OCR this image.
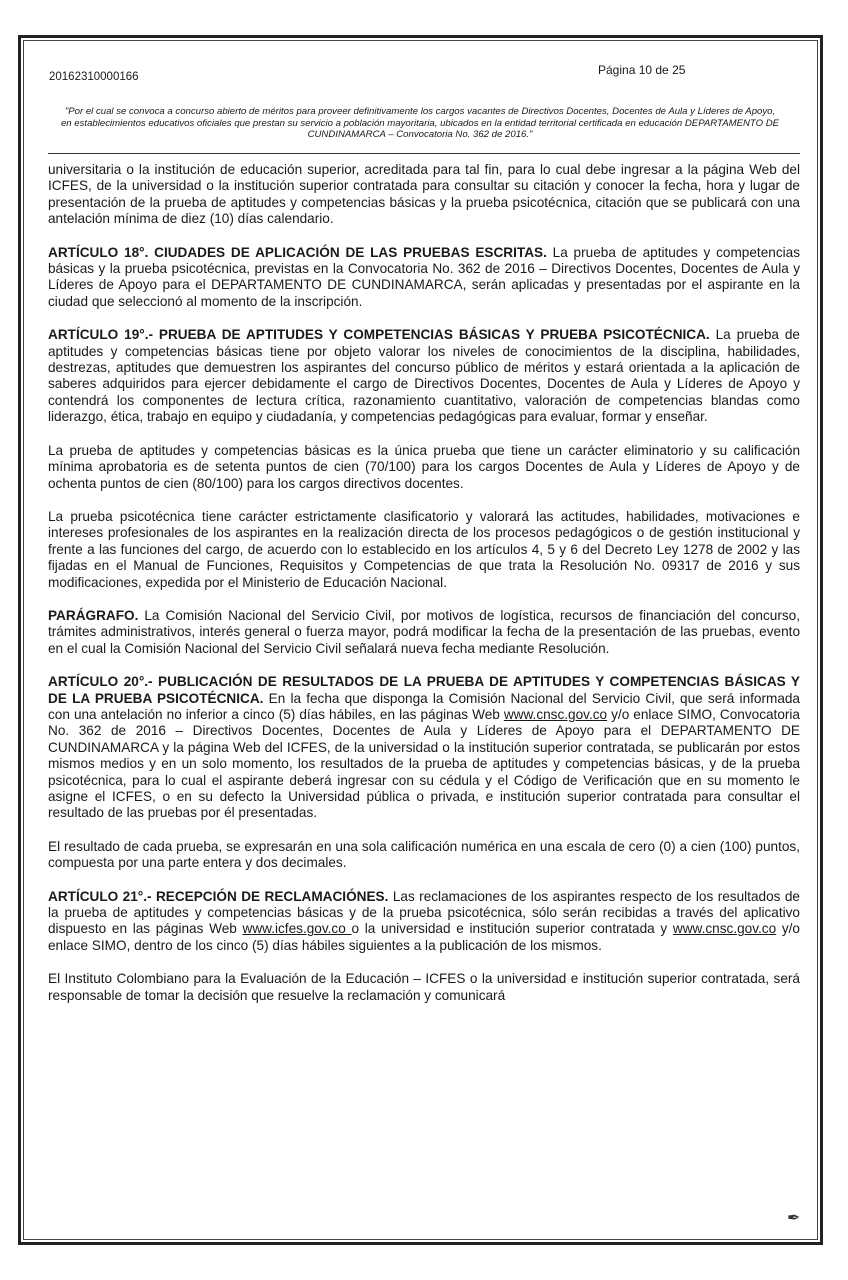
20162310000166	Página 10 de 25
"Por el cual se convoca a concurso abierto de méritos para proveer definitivamente los cargos vacantes de Directivos Docentes, Docentes de Aula y Líderes de Apoyo, en establecimientos educativos oficiales que prestan su servicio a población mayoritaria, ubicados en la entidad territorial certificada en educación DEPARTAMENTO DE CUNDINAMARCA – Convocatoria No. 362 de 2016."

universitaria o la institución de educación superior, acreditada para tal fin, para lo cual debe ingresar a la página Web del ICFES, de la universidad o la institución superior contratada para consultar su citación y conocer la fecha, hora y lugar de presentación de la prueba de aptitudes y competencias básicas y la prueba psicotécnica, citación que se publicará con una antelación mínima de diez (10) días calendario.

ARTÍCULO 18°. CIUDADES DE APLICACIÓN DE LAS PRUEBAS ESCRITAS. La prueba de aptitudes y competencias básicas y la prueba psicotécnica, previstas en la Convocatoria No. 362 de 2016 – Directivos Docentes, Docentes de Aula y Líderes de Apoyo para el DEPARTAMENTO DE CUNDINAMARCA, serán aplicadas y presentadas por el aspirante en la ciudad que seleccionó al momento de la inscripción.

ARTÍCULO 19°.- PRUEBA DE APTITUDES Y COMPETENCIAS BÁSICAS Y PRUEBA PSICOTÉCNICA. La prueba de aptitudes y competencias básicas tiene por objeto valorar los niveles de conocimientos de la disciplina, habilidades, destrezas, aptitudes que demuestren los aspirantes del concurso público de méritos y estará orientada a la aplicación de saberes adquiridos para ejercer debidamente el cargo de Directivos Docentes, Docentes de Aula y Líderes de Apoyo y contendrá los componentes de lectura crítica, razonamiento cuantitativo, valoración de competencias blandas como liderazgo, ética, trabajo en equipo y ciudadanía, y competencias pedagógicas para evaluar, formar y enseñar.

La prueba de aptitudes y competencias básicas es la única prueba que tiene un carácter eliminatorio y su calificación mínima aprobatoria es de setenta puntos de cien (70/100) para los cargos Docentes de Aula y Líderes de Apoyo y de ochenta puntos de cien (80/100) para los cargos directivos docentes.

La prueba psicotécnica tiene carácter estrictamente clasificatorio y valorará las actitudes, habilidades, motivaciones e intereses profesionales de los aspirantes en la realización directa de los procesos pedagógicos o de gestión institucional y frente a las funciones del cargo, de acuerdo con lo establecido en los artículos 4, 5 y 6 del Decreto Ley 1278 de 2002 y las fijadas en el Manual de Funciones, Requisitos y Competencias de que trata la Resolución No. 09317 de 2016 y sus modificaciones, expedida por el Ministerio de Educación Nacional.

PARÁGRAFO. La Comisión Nacional del Servicio Civil, por motivos de logística, recursos de financiación del concurso, trámites administrativos, interés general o fuerza mayor, podrá modificar la fecha de la presentación de las pruebas, evento en el cual la Comisión Nacional del Servicio Civil señalará nueva fecha mediante Resolución.

ARTÍCULO 20°.- PUBLICACIÓN DE RESULTADOS DE LA PRUEBA DE APTITUDES Y COMPETENCIAS BÁSICAS Y DE LA PRUEBA PSICOTÉCNICA. En la fecha que disponga la Comisión Nacional del Servicio Civil, que será informada con una antelación no inferior a cinco (5) días hábiles, en las páginas Web www.cnsc.gov.co y/o enlace SIMO, Convocatoria No. 362 de 2016 – Directivos Docentes, Docentes de Aula y Líderes de Apoyo para el DEPARTAMENTO DE CUNDINAMARCA y la página Web del ICFES, de la universidad o la institución superior contratada, se publicarán por estos mismos medios y en un solo momento, los resultados de la prueba de aptitudes y competencias básicas, y de la prueba psicotécnica, para lo cual el aspirante deberá ingresar con su cédula y el Código de Verificación que en su momento le asigne el ICFES, o en su defecto la Universidad pública o privada, e institución superior contratada para consultar el resultado de las pruebas por él presentadas.

El resultado de cada prueba, se expresarán en una sola calificación numérica en una escala de cero (0) a cien (100) puntos, compuesta por una parte entera y dos decimales.

ARTÍCULO 21°.- RECEPCIÓN DE RECLAMACIÓNES. Las reclamaciones de los aspirantes respecto de los resultados de la prueba de aptitudes y competencias básicas y de la prueba psicotécnica, sólo serán recibidas a través del aplicativo dispuesto en las páginas Web www.icfes.gov.co o la universidad e institución superior contratada y www.cnsc.gov.co y/o enlace SIMO, dentro de los cinco (5) días hábiles siguientes a la publicación de los mismos.

El Instituto Colombiano para la Evaluación de la Educación – ICFES o la universidad e institución superior contratada, será responsable de tomar la decisión que resuelve la reclamación y comunicará

✒
